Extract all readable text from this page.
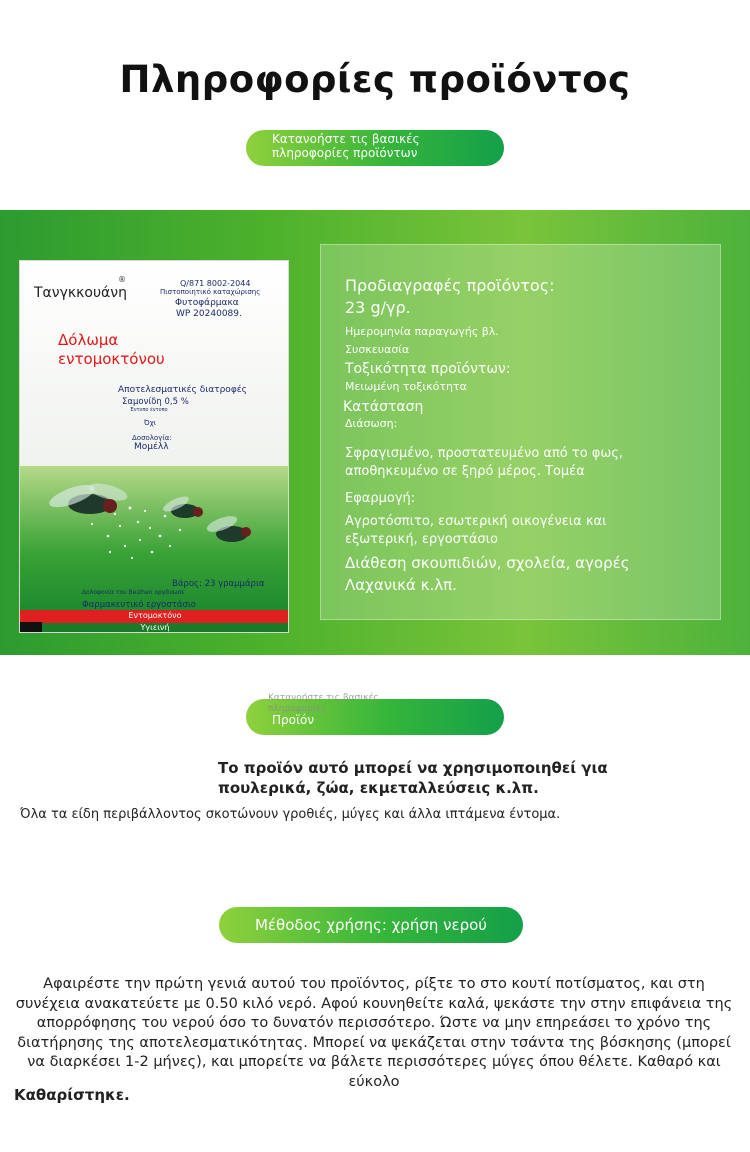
Πληροφορίες προϊόντος
Κατανοήστε τις βασικές πληροφορίες προϊόντων
Τανγκκουάνη
®	Q/871 8002-2044
Πιστοποιητικό καταχώρισης
Φυτοφάρμακα
WP 20240089.
Δόλωμα
εντομοκτόνου
Αποτελεσματικές διατροφές
Σαμονίδη 0,5 %
Έντυπο έντυπο
Όχι
Δοσολογία:
Μομέλλ
Βάρος: 23 γραμμάρια
Δολοφονία του Beizhen οργάνωσε
Φαρμακευτικό εργοστάσιο
Εντομοκτόνο
Υγιεινή
Προδιαγραφές προϊόντος: 23 g/γρ.
Ημερομηνία παραγωγής βλ.
Συσκευασία
Τοξικότητα προϊόντων:
Μειωμένη τοξικότητα
Κατάσταση
Διάσωση:
Σφραγισμένο, προστατευμένο από το φως, αποθηκευμένο σε ξηρό μέρος. Τομέα
Εφαρμογή:
Αγροτόσπιτο, εσωτερική οικογένεια και εξωτερική, εργοστάσιο
Διάθεση σκουπιδιών, σχολεία, αγορές
Λαχανικά κ.λπ.
Κατανοήστε τις βασικές πληροφορίες
Προϊόν
Το προϊόν αυτό μπορεί να χρησιμοποιηθεί για πουλερικά, ζώα, εκμεταλλεύσεις κ.λπ.
Όλα τα είδη περιβάλλοντος σκοτώνουν γροθιές, μύγες και άλλα ιπτάμενα έντομα.
Μέθοδος χρήσης: χρήση νερού
Αφαιρέστε την πρώτη γενιά αυτού του προϊόντος, ρίξτε το στο κουτί ποτίσματος, και στη συνέχεια ανακατεύετε με 0.50 κιλό νερό. Αφού κουνηθείτε καλά, ψεκάστε την στην επιφάνεια της απορρόφησης του νερού όσο το δυνατόν περισσότερο. Ώστε να μην επηρεάσει το χρόνο της διατήρησης της αποτελεσματικότητας. Μπορεί να ψεκάζεται στην τσάντα της βόσκησης (μπορεί να διαρκέσει 1-2 μήνες), και μπορείτε να βάλετε περισσότερες μύγες όπου θέλετε. Καθαρό και εύκολο
Καθαρίστηκε.
